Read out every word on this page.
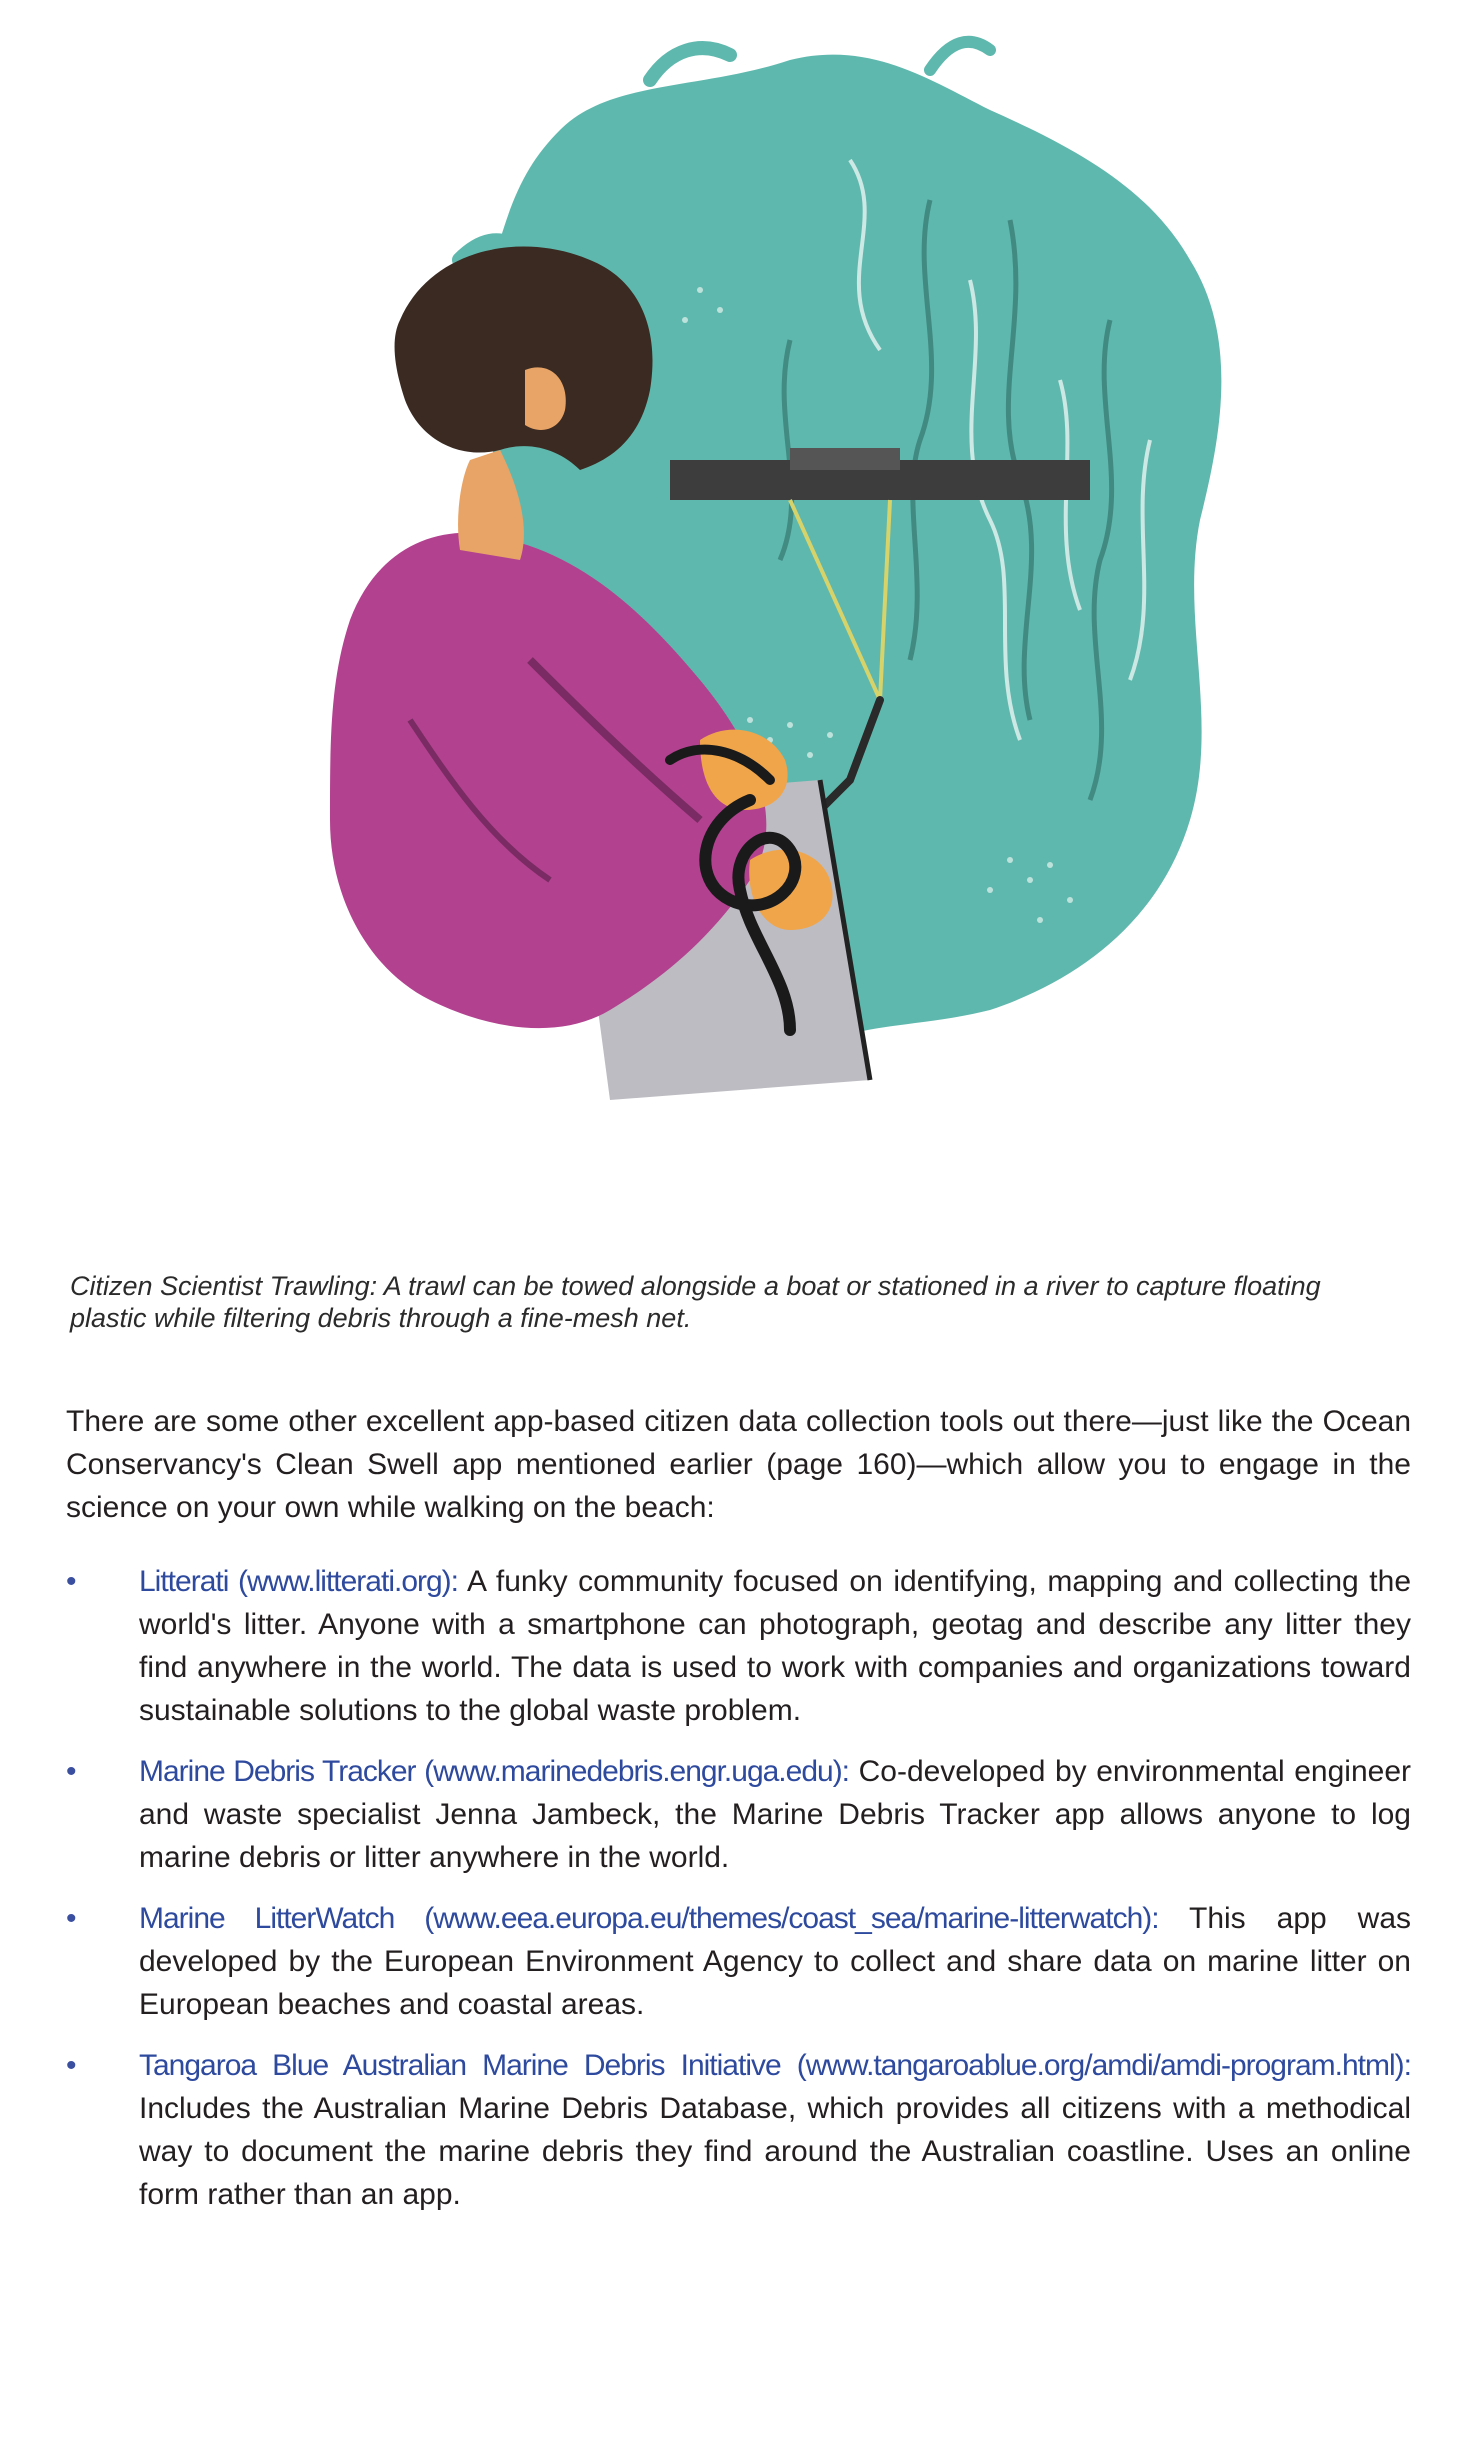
Citizen Scientist Trawling: A trawl can be towed alongside a boat or stationed in a river to capture floating plastic while filtering debris through a fine-mesh net.

There are some other excellent app-based citizen data collection tools out there—just like the Ocean Conservancy's Clean Swell app mentioned earlier (page 160)—which allow you to engage in the science on your own while walking on the beach:

•	Litterati (www.litterati.org): A funky community focused on identifying, mapping and collecting the world's litter. Anyone with a smartphone can photograph, geotag and describe any litter they find anywhere in the world. The data is used to work with companies and organizations toward sustainable solutions to the global waste problem.
•	Marine Debris Tracker (www.marinedebris.engr.uga.edu): Co-developed by environmental engineer and waste specialist Jenna Jambeck, the Marine Debris Tracker app allows anyone to log marine debris or litter anywhere in the world.
•	Marine LitterWatch (www.eea.europa.eu/themes/coast_sea/marine-litterwatch): This app was developed by the European Environment Agency to collect and share data on marine litter on European beaches and coastal areas.
•	Tangaroa Blue Australian Marine Debris Initiative (www.tangaroablue.org/amdi/amdi-program.html): Includes the Australian Marine Debris Database, which provides all citizens with a methodical way to document the marine debris they find around the Australian coastline. Uses an online form rather than an app.
